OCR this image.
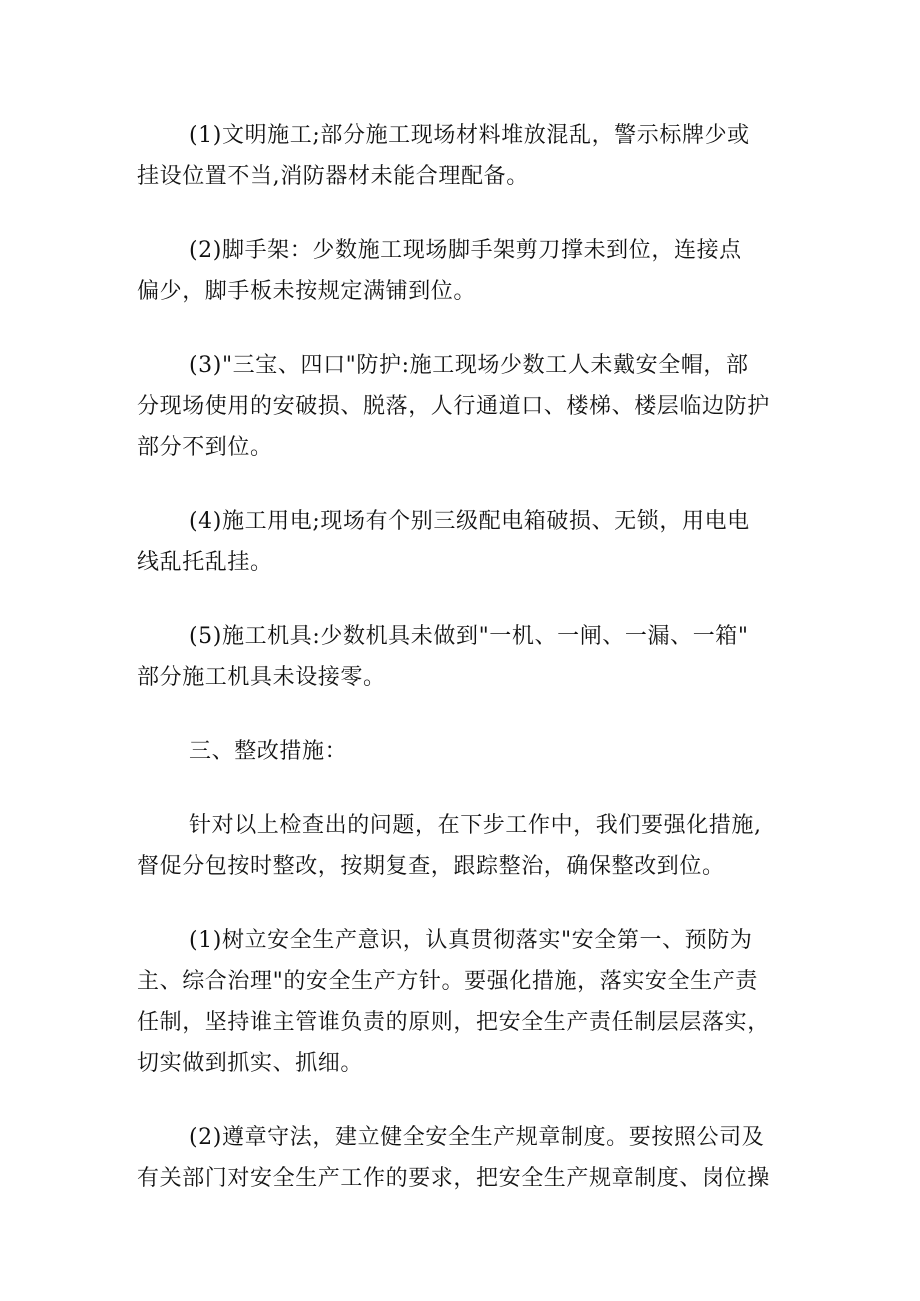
(1)文明施工;部分施工现场材料堆放混乱，警示标牌少或
挂设位置不当,消防器材未能合理配备。
(2)脚手架：少数施工现场脚手架剪刀撑未到位，连接点
偏少，脚手板未按规定满铺到位。
(3)"三宝、四口"防护:施工现场少数工人未戴安全帽，部
分现场使用的安破损、脱落，人行通道口、楼梯、楼层临边防护
部分不到位。
(4)施工用电;现场有个别三级配电箱破损、无锁，用电电
线乱托乱挂。
(5)施工机具:少数机具未做到"一机、一闸、一漏、一箱"
部分施工机具未设接零。
三、整改措施：
针对以上检查出的问题，在下步工作中，我们要强化措施,
督促分包按时整改，按期复查，跟踪整治，确保整改到位。
(1)树立安全生产意识，认真贯彻落实"安全第一、预防为
主、综合治理"的安全生产方针。要强化措施，落实安全生产责
任制，坚持谁主管谁负责的原则，把安全生产责任制层层落实，
切实做到抓实、抓细。
(2)遵章守法，建立健全安全生产规章制度。要按照公司及
有关部门对安全生产工作的要求，把安全生产规章制度、岗位操
